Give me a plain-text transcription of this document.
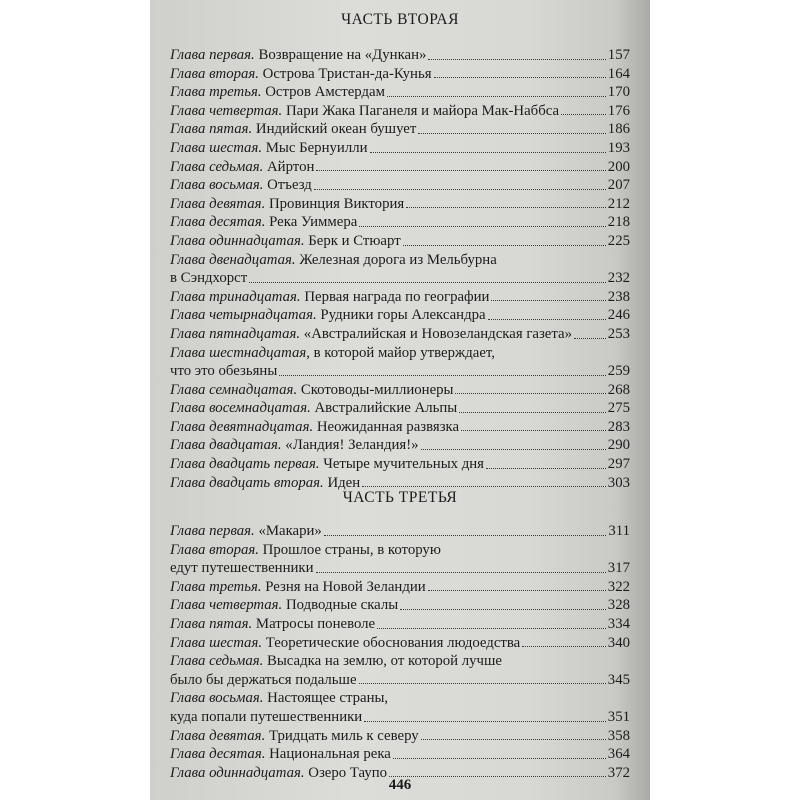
ЧАСТЬ ВТОРАЯ
Глава первая.
Возвращение на «Дункан»	157
Глава вторая.
Острова Тристан-да-Кунья	164
Глава третья.
Остров Амстердам	170
Глава четвертая.
Пари Жака Паганеля и майора Мак-Наббса	176
Глава пятая.
Индийский океан бушует	186
Глава шестая.
Мыс Бернуилли	193
Глава седьмая.
Айртон	200
Глава восьмая.
Отъезд	207
Глава девятая.
Провинция Виктория	212
Глава десятая.
Река Уиммера	218
Глава одиннадцатая.
Берк и Стюарт	225
Глава двенадцатая.
Железная дорога из Мельбурна
в Сэндхорст	232
Глава тринадцатая.
Первая награда по географии	238
Глава четырнадцатая.
Рудники горы Александра	246
Глава пятнадцатая.
«Австралийская и Новозеландская газета» 253
Глава шестнадцатая,
в которой майор утверждает,
что это обезьяны	259
Глава семнадцатая.
Скотоводы-миллионеры	268
Глава восемнадцатая.
Австралийские Альпы	275
Глава девятнадцатая.
Неожиданная развязка	283
Глава двадцатая.
«Ландия! Зеландия!»	290
Глава двадцать первая.
Четыре мучительных дня	297
Глава двадцать вторая.
Иден	303
ЧАСТЬ ТРЕТЬЯ
Глава первая.
«Макари»	311
Глава вторая.
Прошлое страны, в которую
едут путешественники	317
Глава третья.
Резня на Новой Зеландии	322
Глава четвертая.
Подводные скалы	328
Глава пятая.
Матросы поневоле	334
Глава шестая.
Теоретические обоснования людоедства	340
Глава седьмая.
Высадка на землю, от которой лучше
было бы держаться подальше	345
Глава восьмая.
Настоящее страны,
куда попали путешественники	351
Глава девятая.
Тридцать миль к северу	358
Глава десятая.
Национальная река	364
Глава одиннадцатая.
Озеро Таупо	372
446
